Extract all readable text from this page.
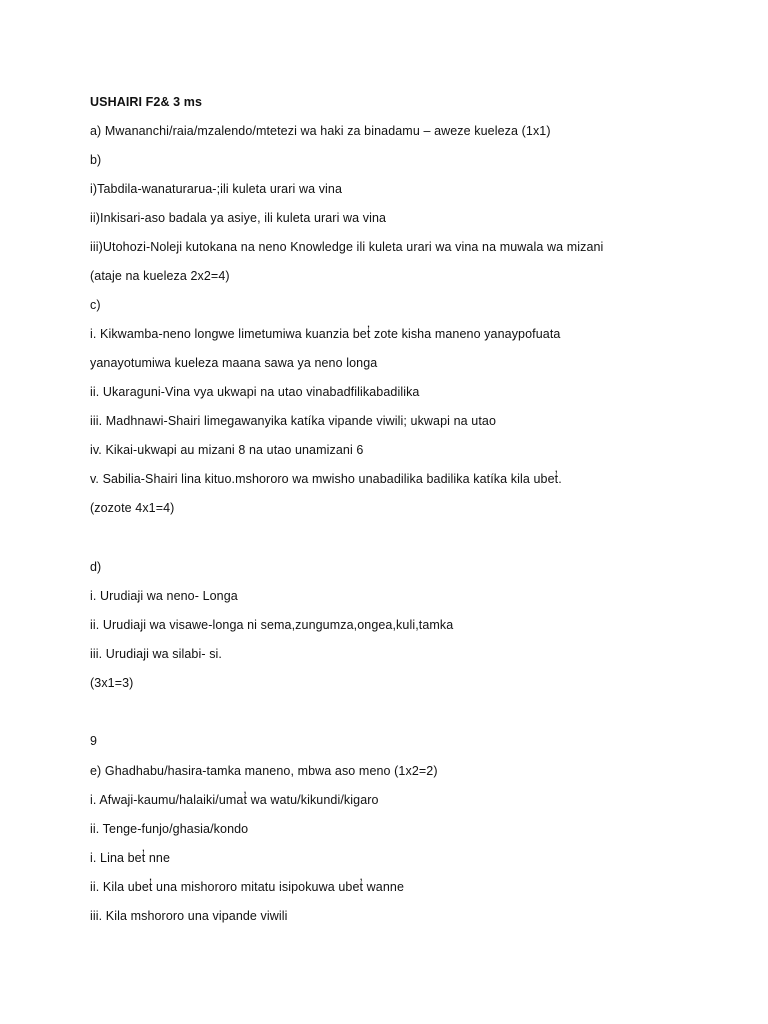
USHAIRI F2& 3 ms
a) Mwananchi/raia/mzalendo/mtetezi wa haki za binadamu – aweze kueleza (1x1)
b)
i)Tabdila-wanaturarua-;ili kuleta urari wa vina
ii)Inkisari-aso badala ya asiye, ili kuleta urari wa vina
iii)Utohozi-Noleji kutokana na neno Knowledge ili kuleta urari wa vina na muwala wa mizani
(ataje na kueleza 2x2=4)
c)
i. Kikwamba-neno longwe limetumiwa kuanzia bet̓ zote kisha maneno yanaypofuata
yanayotumiwa kueleza maana sawa ya neno longa
ii. Ukaraguni-Vina vya ukwapi na utao vinabadfilikabadilika
iii. Madhnawi-Shairi limegawanyika katíka vipande viwili; ukwapi na utao
iv. Kikai-ukwapi au mizani 8 na utao unamizani 6
v. Sabilia-Shairi lina kituo.mshororo wa mwisho unabadilika badilika katíka kila ubet̓.
(zozote 4x1=4)
d)
i. Urudiaji wa neno- Longa
ii. Urudiaji wa visawe-longa ni sema,zungumza,ongea,kuli,tamka
iii. Urudiaji wa silabi- si.
(3x1=3)
9
e) Ghadhabu/hasira-tamka maneno, mbwa aso meno (1x2=2)
i. Afwaji-kaumu/halaiki/umat̓ wa watu/kikundi/kigaro
ii. Tenge-funjo/ghasia/kondo
i. Lina bet̓ nne
ii. Kila ubet̓ una mishororo mitatu isipokuwa ubet̓ wanne
iii. Kila mshororo una vipande viwili
